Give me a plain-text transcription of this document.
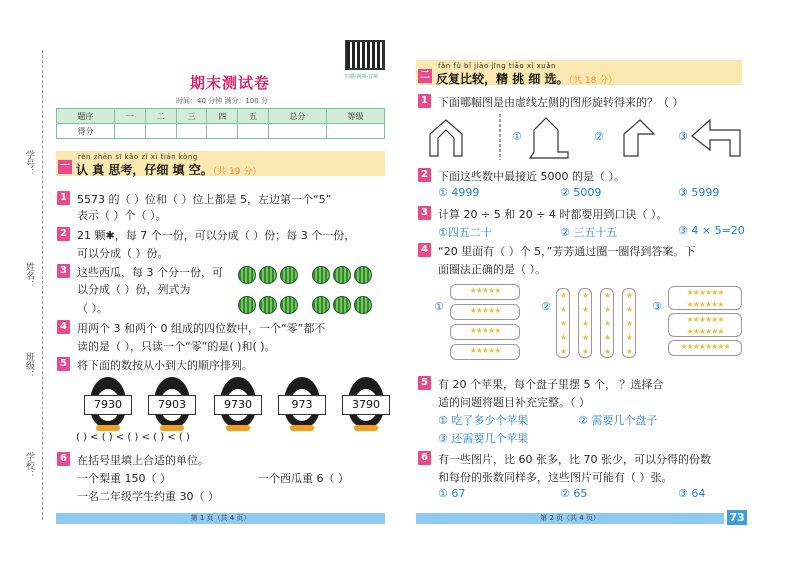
学号：
姓名：
班级：
学校：
扫描·视频·音频
期末测试卷
时间：40 分钟 满分：100 分
题序	一	二	三	四	五	总分	等级
得分							
一
rèn zhēn sī kǎo zǐ xì tián kòng
认 真 思考，仔细 填 空。（共 19 分）
1 5573 的（ ）位和（ ）位上都是 5，左边第一个“5”
表示（ ）个（ ）。
2 21 颗✱，每 7 个一份，可以分成（ ）份；每 3 个一份，
可以分成（ ）份。
3 这些西瓜，每 3 个分一份，可
以分成（ ）份，列式为
（ ）。
4 用两个 3 和两个 0 组成的四位数中，一个“零”都不
读的是（ ），只读一个“零”的是( )和( )。
5 将下面的数按从小到大的顺序排列。
7930	7903	9730	973	3790
( ) < ( ) < ( ) < ( ) < ( )
6 在括号里填上合适的单位。
一个梨重 150（ ）	一个西瓜重 6（ ）
一名二年级学生约重 30（ ）
第 1 页（共 4 页）
二
fǎn fù bǐ jiào jīng tiāo xì xuǎn
反复比较，精 挑 细 选。（共 18 分）
1 下面哪幅图是由虚线左侧的图形旋转得来的？（ ）
①	②	③
2 下面这些数中最接近 5000 的是（ ）。
① 4999	② 5009	③ 5999
3 计算 20 ÷ 5 和 20 ÷ 4 时都要用到口诀（ ）。
①四五二十	② 三五十五	③ 4 × 5=20
4 “20 里面有（ ）个 5，”芳芳通过圈一圈得到答案。下
面圈法正确的是（ ）。
①
★★★★★
★★★★★
★★★★★
★★★★★
②
★
★
★
★
★
★
★
★
★
★
★
★
★
★
★
★
★
★
★
★
③
★★★★★★
★★★★★★
★★★★★★
★★★★★★
★★★★★★★★
5 有 20 个苹果，每个盘子里摆 5 个， ？选择合
适的问题将题目补充完整。（ ）
① 吃了多少个苹果	② 需要几个盘子
③ 还需要几个苹果
6 有一些图片，比 60 张多，比 70 张少，可以分得的份数
和每份的张数同样多，这些图片可能有（ ）张。
① 67	② 65	③ 64
第 2 页（共 4 页）	73
